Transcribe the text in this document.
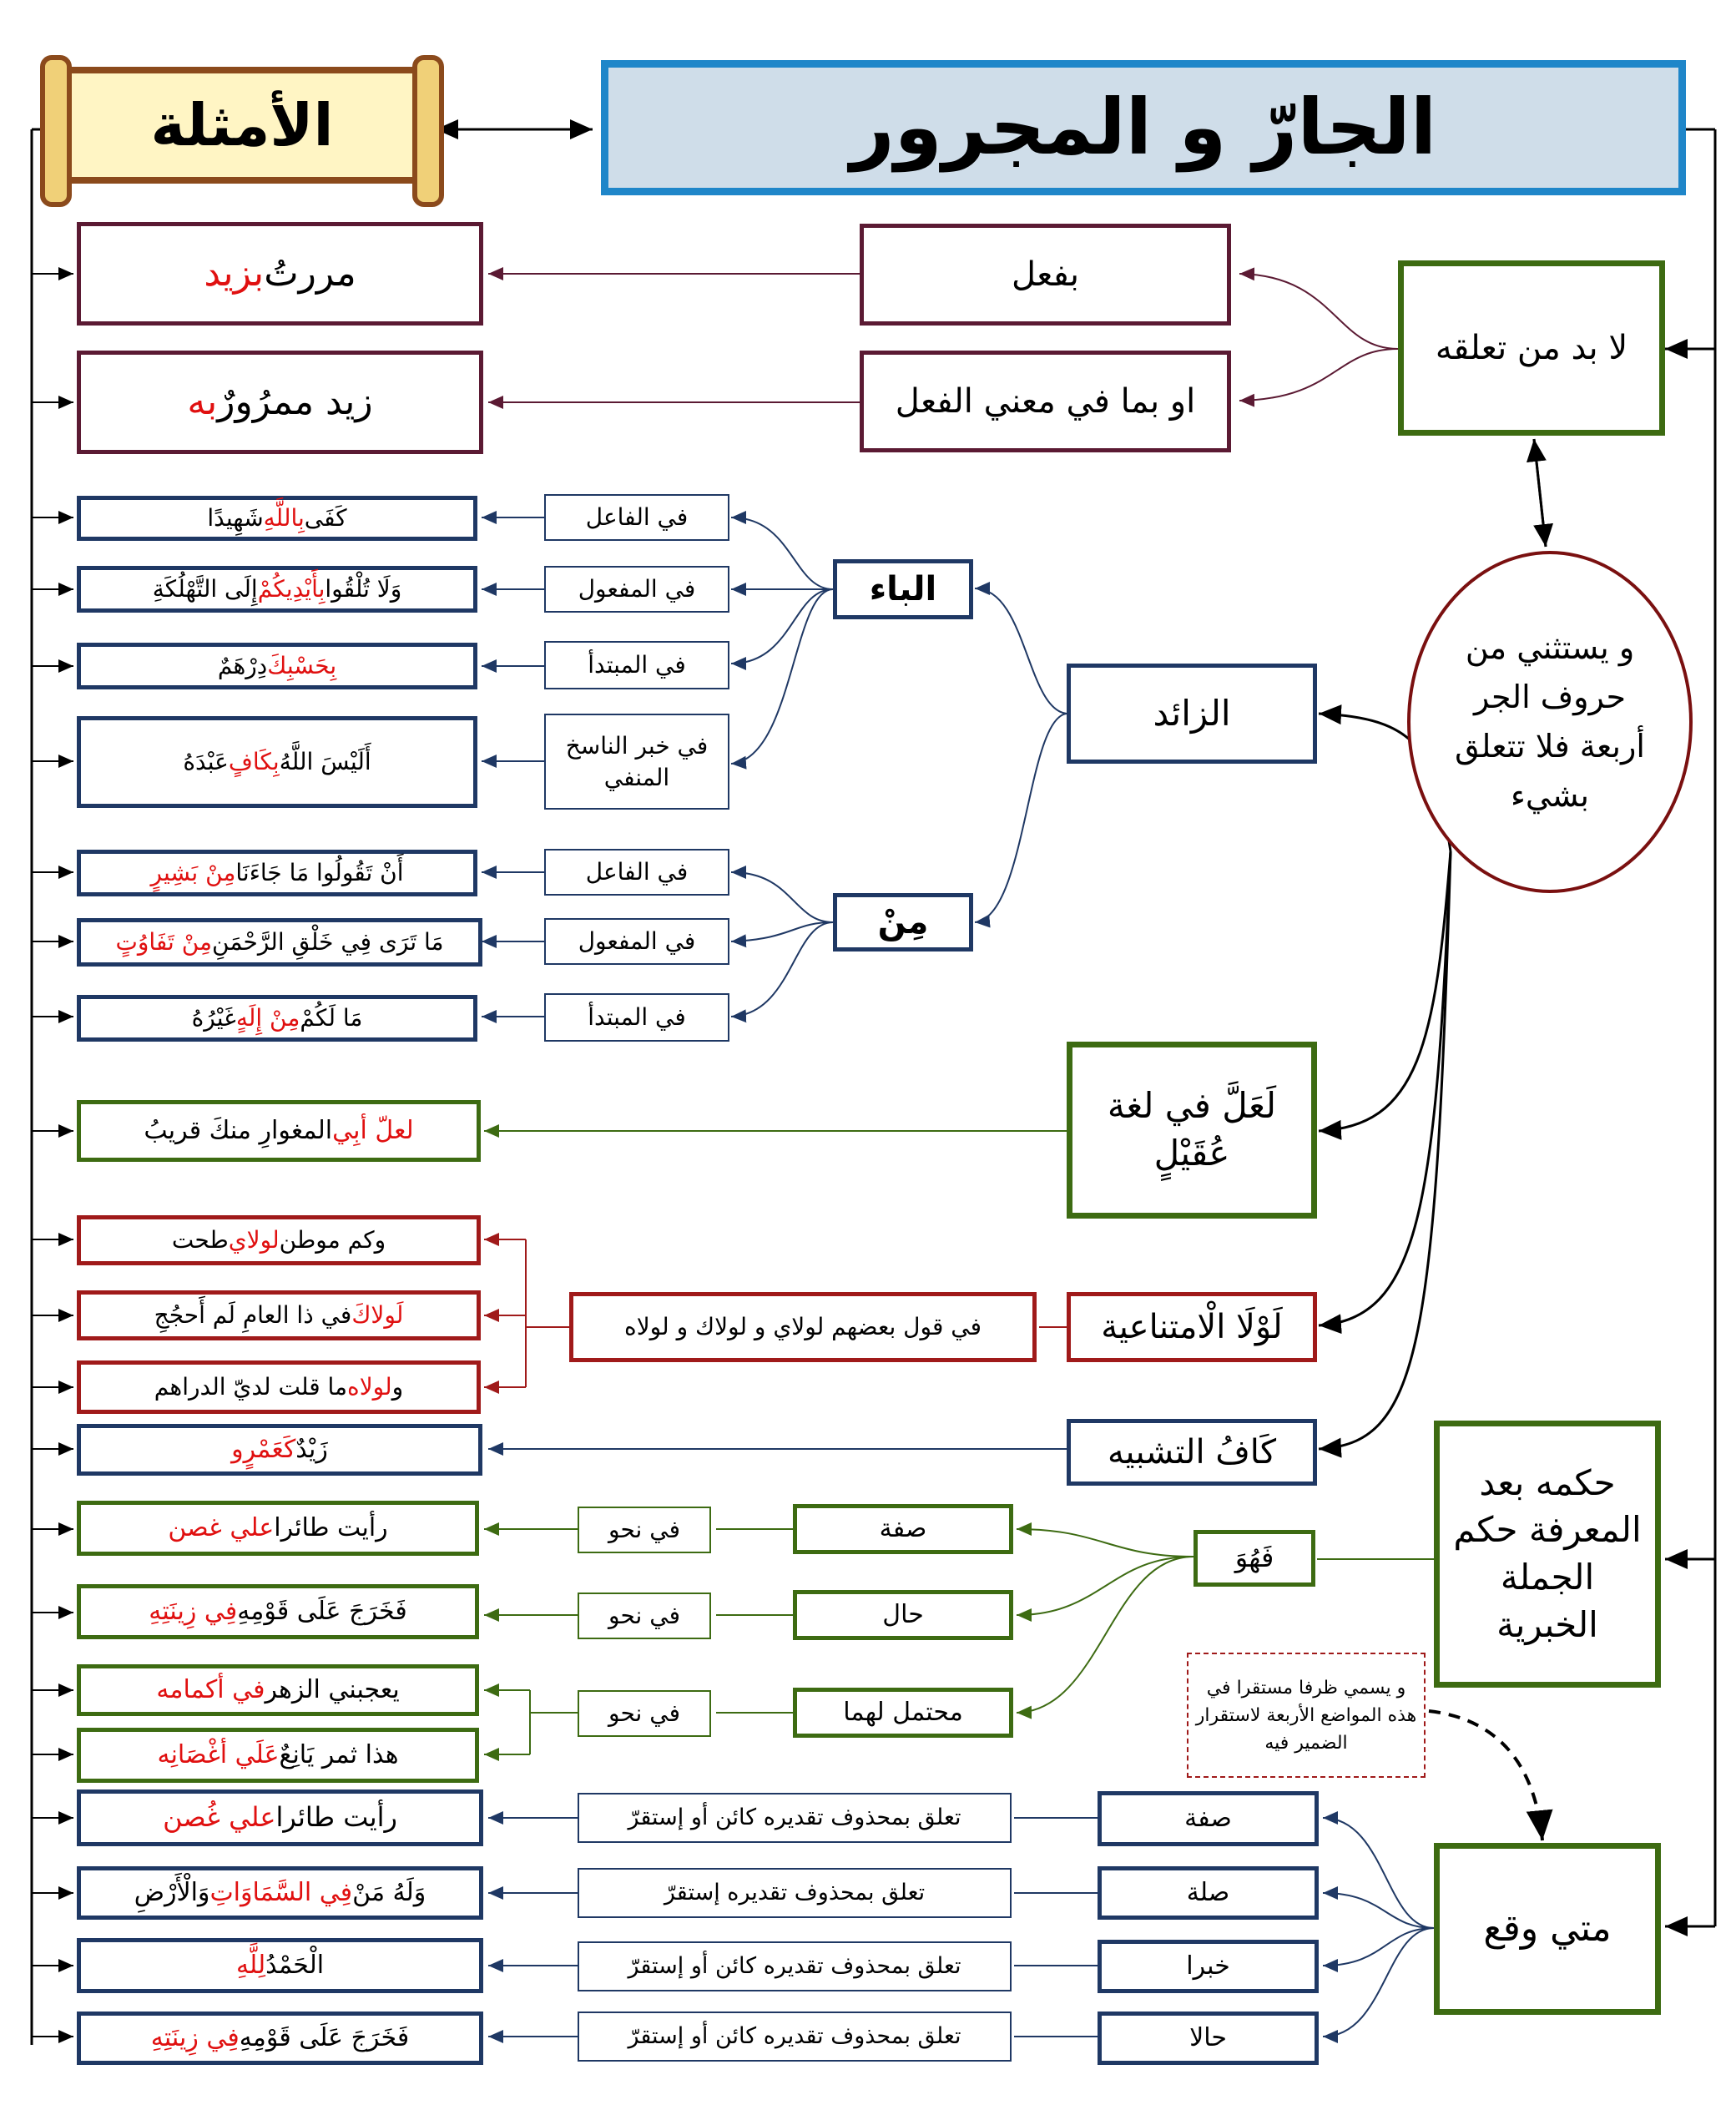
الجارّ و المجرور
الأمثلة
لا بد من تعلقه
و يستثني من حروف الجر أربعة فلا تتعلق بشيء
حكمه بعد المعرفة حكم الجملة الخبرية
و يسمي ظرفا مستقرا في هذه المواضع الأربعة لاستقرار الضمير فيه
متي وقع
بفعل
او بما في معني الفعل
مررتُ
بزيد
زيد ممرُورٌ
به
الزائد
الباء
مِنْ
في الفاعل
في المفعول
في المبتدأ
في خبر الناسخ المنفي
في الفاعل
في المفعول
في المبتدأ
كَفَى
بِاللَّهِ
شَهِيدًا
وَلَا تُلْقُوا
بِأَيْدِيكُمْ
إِلَى التَّهْلُكَةِ
بِحَسْبِكَ
دِرْهَمٌ
أَلَيْسَ اللَّهُ
بِكَافٍ
عَبْدَهُ
أَنْ تَقُولُوا مَا جَاءَنَا
مِنْ بَشِيرٍ
مَا تَرَى فِي خَلْقِ الرَّحْمَنِ
مِنْ تَفَاوُتٍ
مَا لَكُمْ
مِنْ إِلَهٍ
غَيْرُهُ
لَعَلَّ في لغة عُقَيْلٍ
لعلّ أبِي
المغوارِ منكَ قريبُ
لَوْلَا الْامتناعية
في قول بعضهم لولاي و لولاك و لولاه
وكم موطن
لولاي
طحت
لَولاكَ
في ذا العامِ لَم أَحجُجِ
و
لولاه
ما قلت لديّ الدراهم
كَافُ التشبيه
زَيْدٌ
كَعَمْرٍو
فَهُوَ
صفة
حال
محتمل لهما
في نحو
في نحو
في نحو
رأيت طائرا
علي غصن
فَخَرَجَ عَلَى قَوْمِهِ
فِي زِينَتِهِ
يعجبني الزهر
في أكمامه
هذا ثمر يَانِعٌ
عَلَي أغْصَانِه
صفة
صلة
خبرا
حالا
تعلق بمحذوف تقديره كائن أو إستقرّ
تعلق بمحذوف تقديره إستقرّ
تعلق بمحذوف تقديره كائن أو إستقرّ
تعلق بمحذوف تقديره كائن أو إستقرّ
رأيت طائرا
علي غُصن
وَلَهُ مَنْ
فِي السَّمَاوَاتِ
وَالْأَرْضِ
الْحَمْدُ
لِلَّهِ
فَخَرَجَ عَلَى قَوْمِهِ
فِي زِينَتِهِ
